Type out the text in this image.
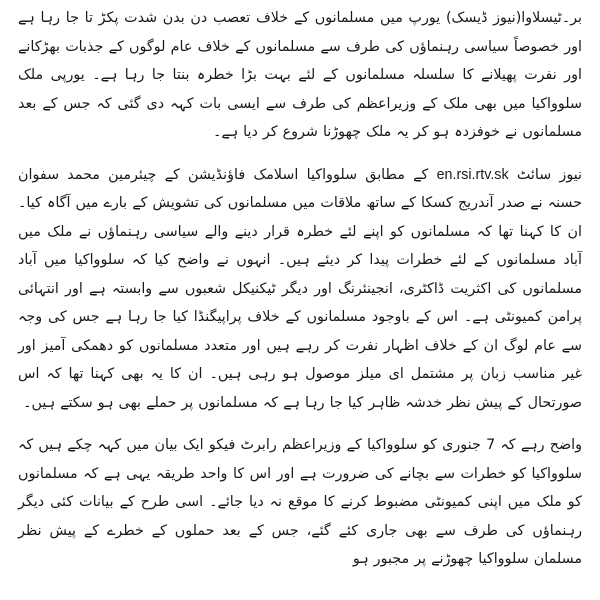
بر۔ٹیسلاوا(نیوز ڈیسک) یورپ میں مسلمانوں کے خلاف تعصب دن بدن شدت پکڑ تا جا رہا ہے اور خصوصاً سیاسی رہنماؤں کی طرف سے مسلمانوں کے خلاف عام لوگوں کے جذبات بھڑکانے اور نفرت پھیلانے کا سلسلہ مسلمانوں کے لئے بہت بڑا خطرہ بنتا جا رہا ہے۔ یورپی ملک سلوواکیا میں بھی ملک کے وزیراعظم کی طرف سے ایسی بات کہہ دی گئی کہ جس کے بعد مسلمانوں نے خوفزدہ ہو کر یہ ملک چھوڑنا شروع کر دیا ہے۔

نیوز سائٹ en.rsi.rtv.sk کے مطابق سلوواکیا اسلامک فاؤنڈیشن کے چیئرمین محمد سفوان حسنہ نے صدر آندریج کسکا کے ساتھ ملاقات میں مسلمانوں کی تشویش کے بارے میں آگاہ کیا۔ ان کا کہنا تھا کہ مسلمانوں کو اپنے لئے خطرہ قرار دینے والے سیاسی رہنماؤں نے ملک میں آباد مسلمانوں کے لئے خطرات پیدا کر دیئے ہیں۔ انہوں نے واضح کیا کہ سلوواکیا میں آباد مسلمانوں کی اکثریت ڈاکٹری، انجینئرنگ اور دیگر ٹیکنیکل شعبوں سے وابستہ ہے اور انتہائی پرامن کمیونٹی ہے۔ اس کے باوجود مسلمانوں کے خلاف پراپیگنڈا کیا جا رہا ہے جس کی وجہ سے عام لوگ ان کے خلاف اظہار نفرت کر رہے ہیں اور متعدد مسلمانوں کو دھمکی آمیز اور غیر مناسب زبان پر مشتمل ای میلز موصول ہو رہی ہیں۔ ان کا یہ بھی کہنا تھا کہ اس صورتحال کے پیش نظر خدشہ ظاہر کیا جا رہا ہے کہ مسلمانوں پر حملے بھی ہو سکتے ہیں۔

واضح رہے کہ 7 جنوری کو سلوواکیا کے وزیراعظم رابرٹ فیکو ایک بیان میں کہہ چکے ہیں کہ سلوواکیا کو خطرات سے بچانے کی ضرورت ہے اور اس کا واحد طریقہ یہی ہے کہ مسلمانوں کو ملک میں اپنی کمیونٹی مضبوط کرنے کا موقع نہ دیا جائے۔ اسی طرح کے بیانات کئی دیگر رہنماؤں کی طرف سے بھی جاری کئے گئے، جس کے بعد حملوں کے خطرے کے پیش نظر مسلمان سلوواکیا چھوڑنے پر مجبور ہو
